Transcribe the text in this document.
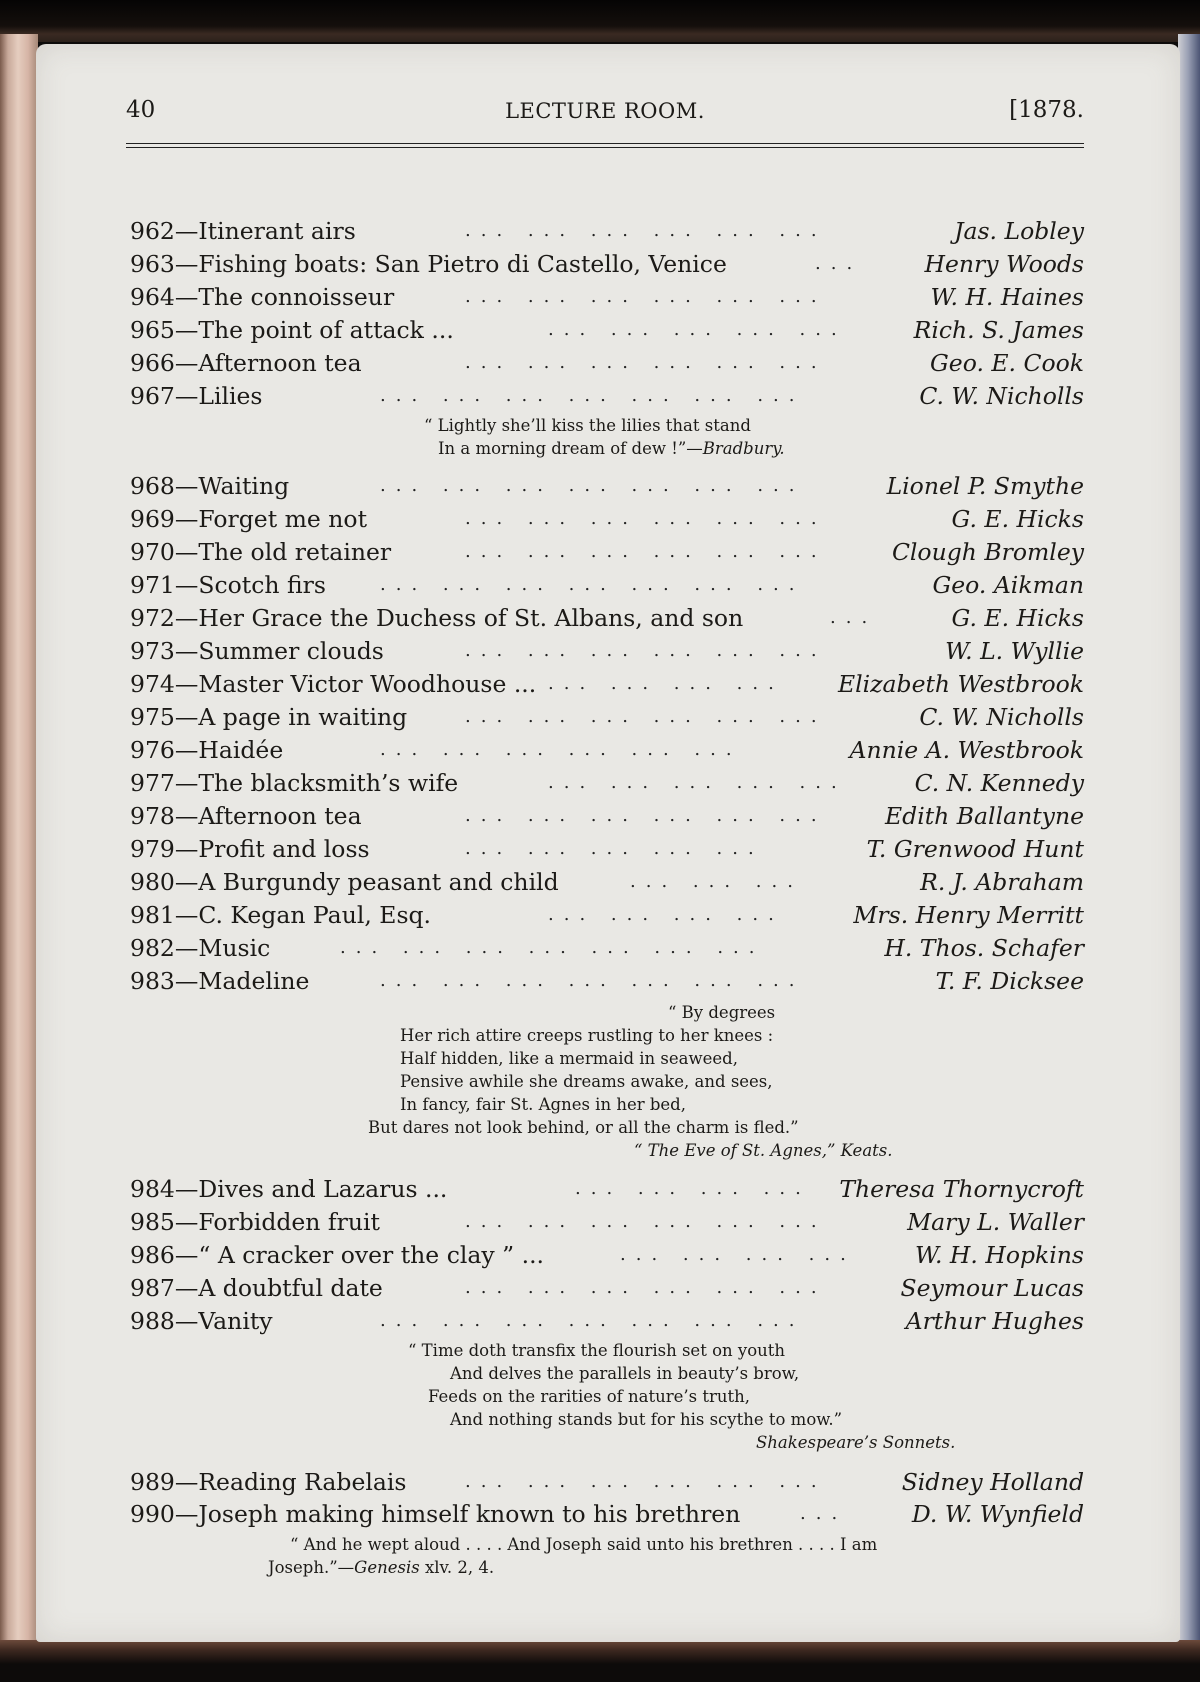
40	LECTURE ROOM.	[1878.
962—Itinerant airs	... ... ... ... ... ...	Jas. Lobley
963—Fishing boats: San Pietro di Castello, Venice	...	Henry Woods
964—The connoisseur	... ... ... ... ... ...	W. H. Haines
965—The point of attack ...	... ... ... ... ...	Rich. S. James
966—Afternoon tea	... ... ... ... ... ...	Geo. E. Cook
967—Lilies	... ... ... ... ... ... ...	C. W. Nicholls
“ Lightly she’ll kiss the lilies that stand
In a morning dream of dew !”—Bradbury.
968—Waiting	... ... ... ... ... ... ...	Lionel P. Smythe
969—Forget me not	... ... ... ... ... ...	G. E. Hicks
970—The old retainer	... ... ... ... ... ...	Clough Bromley
971—Scotch firs	... ... ... ... ... ... ...	Geo. Aikman
972—Her Grace the Duchess of St. Albans, and son	...	G. E. Hicks
973—Summer clouds	... ... ... ... ... ...	W. L. Wyllie
974—Master Victor Woodhouse ... ... ... ... ... Elizabeth Westbrook
975—A page in waiting	... ... ... ... ... ...	C. W. Nicholls
976—Haidée	... ... ... ... ... ...	Annie A. Westbrook
977—The blacksmith’s wife	... ... ... ... ...	C. N. Kennedy
978—Afternoon tea	... ... ... ... ... ... Edith Ballantyne
979—Profit and loss	... ... ... ... ...	T. Grenwood Hunt
980—A Burgundy peasant and child	... ... ...	R. J. Abraham
981—C. Kegan Paul, Esq.	... ... ... ...	Mrs. Henry Merritt
982—Music	... ... ... ... ... ... ...	H. Thos. Schafer
983—Madeline	... ... ... ... ... ... ...	T. F. Dicksee
“ By degrees
Her rich attire creeps rustling to her knees :
Half hidden, like a mermaid in seaweed,
Pensive awhile she dreams awake, and sees,
In fancy, fair St. Agnes in her bed,
But dares not look behind, or all the charm is fled.”
“ The Eve of St. Agnes,” Keats.
984—Dives and Lazarus ...	... ... ... ... Theresa Thornycroft
985—Forbidden fruit	... ... ... ... ... ...	Mary L. Waller
986—“ A cracker over the clay ” ...	... ... ... ...	W. H. Hopkins
987—A doubtful date	... ... ... ... ... ...	Seymour Lucas
988—Vanity	... ... ... ... ... ... ...	Arthur Hughes
“ Time doth transfix the flourish set on youth
And delves the parallels in beauty’s brow,
Feeds on the rarities of nature’s truth,
And nothing stands but for his scythe to mow.”
Shakespeare’s Sonnets.
989—Reading Rabelais	... ... ... ... ... ...	Sidney Holland
990—Joseph making himself known to his brethren	...	D. W. Wynfield
“ And he wept aloud . . . . And Joseph said unto his brethren . . . . I am
Joseph.”—Genesis xlv. 2, 4.
